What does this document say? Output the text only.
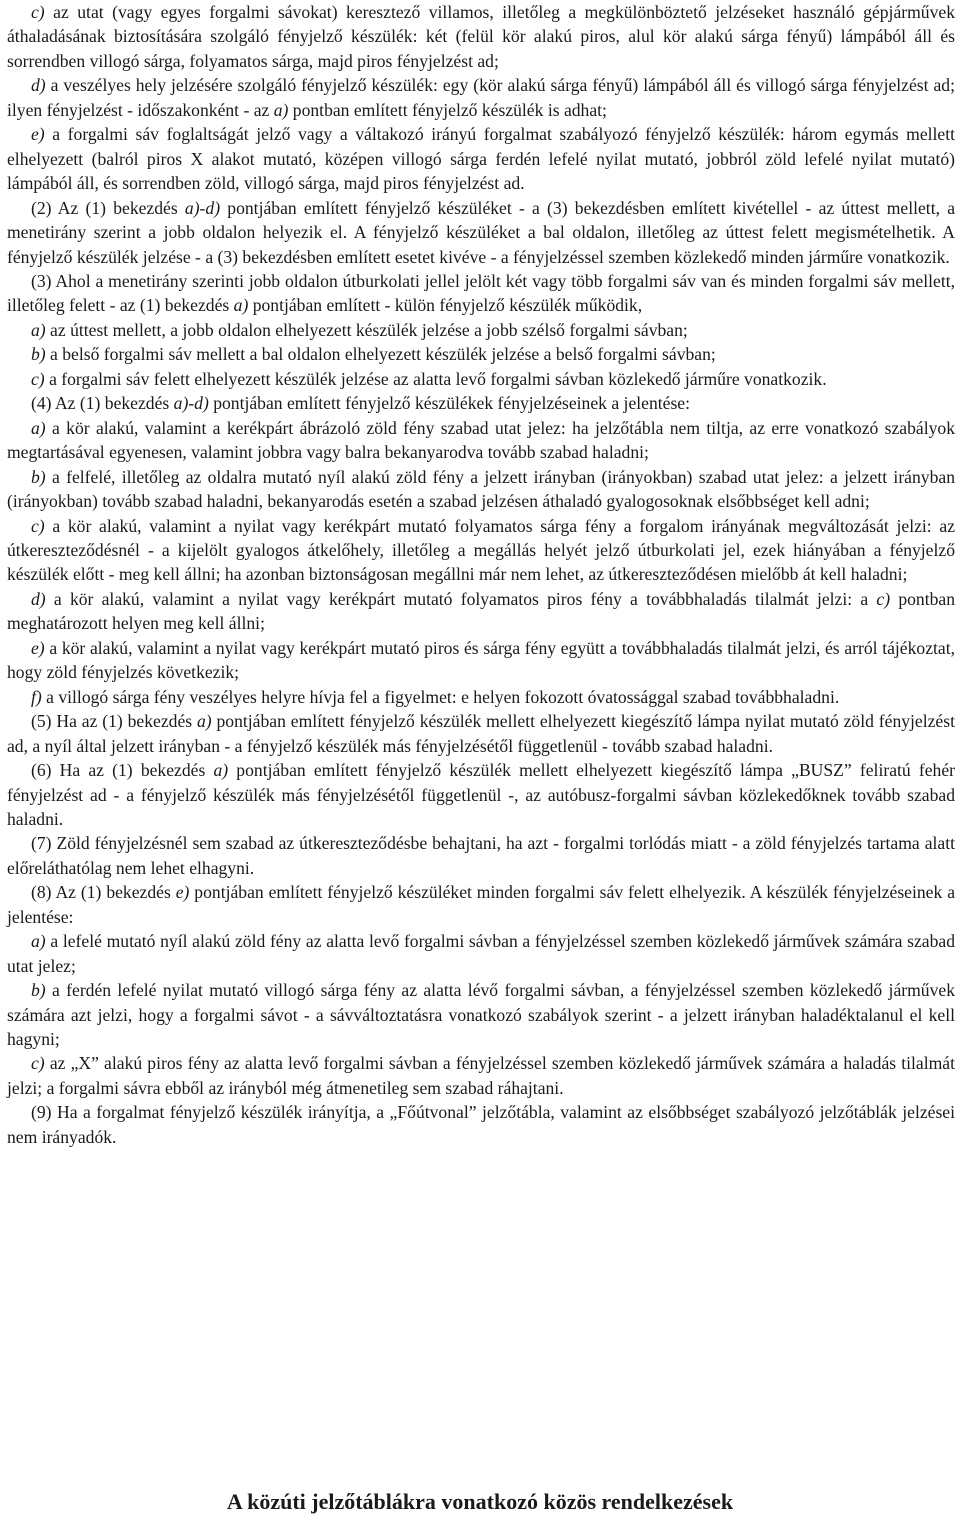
c) az utat (vagy egyes forgalmi sávokat) keresztező villamos, illetőleg a megkülönböztető jelzéseket használó gépjárművek áthaladásának biztosítására szolgáló fényjelző készülék: két (felül kör alakú piros, alul kör alakú sárga fényű) lámpából áll és sorrendben villogó sárga, folyamatos sárga, majd piros fényjelzést ad;

d) a veszélyes hely jelzésére szolgáló fényjelző készülék: egy (kör alakú sárga fényű) lámpából áll és villogó sárga fényjelzést ad; ilyen fényjelzést - időszakonként - az a) pontban említett fényjelző készülék is adhat;

e) a forgalmi sáv foglaltságát jelző vagy a váltakozó irányú forgalmat szabályozó fényjelző készülék: három egymás mellett elhelyezett (balról piros X alakot mutató, középen villogó sárga ferdén lefelé nyilat mutató, jobbról zöld lefelé nyilat mutató) lámpából áll, és sorrendben zöld, villogó sárga, majd piros fényjelzést ad.

(2) Az (1) bekezdés a)-d) pontjában említett fényjelző készüléket - a (3) bekezdésben említett kivétellel - az úttest mellett, a menetirány szerint a jobb oldalon helyezik el. A fényjelző készüléket a bal oldalon, illetőleg az úttest felett megismételhetik. A fényjelző készülék jelzése - a (3) bekezdésben említett esetet kivéve - a fényjelzéssel szemben közlekedő minden járműre vonatkozik.

(3) Ahol a menetirány szerinti jobb oldalon útburkolati jellel jelölt két vagy több forgalmi sáv van és minden forgalmi sáv mellett, illetőleg felett - az (1) bekezdés a) pontjában említett - külön fényjelző készülék működik,

a) az úttest mellett, a jobb oldalon elhelyezett készülék jelzése a jobb szélső forgalmi sávban;

b) a belső forgalmi sáv mellett a bal oldalon elhelyezett készülék jelzése a belső forgalmi sávban;

c) a forgalmi sáv felett elhelyezett készülék jelzése az alatta levő forgalmi sávban közlekedő járműre vonatkozik.

(4) Az (1) bekezdés a)-d) pontjában említett fényjelző készülékek fényjelzéseinek a jelentése:

a) a kör alakú, valamint a kerékpárt ábrázoló zöld fény szabad utat jelez: ha jelzőtábla nem tiltja, az erre vonatkozó szabályok megtartásával egyenesen, valamint jobbra vagy balra bekanyarodva tovább szabad haladni;

b) a felfelé, illetőleg az oldalra mutató nyíl alakú zöld fény a jelzett irányban (irányokban) szabad utat jelez: a jelzett irányban (irányokban) tovább szabad haladni, bekanyarodás esetén a szabad jelzésen áthaladó gyalogosoknak elsőbbséget kell adni;

c) a kör alakú, valamint a nyilat vagy kerékpárt mutató folyamatos sárga fény a forgalom irányának megváltozását jelzi: az útkereszteződésnél - a kijelölt gyalogos átkelőhely, illetőleg a megállás helyét jelző útburkolati jel, ezek hiányában a fényjelző készülék előtt - meg kell állni; ha azonban biztonságosan megállni már nem lehet, az útkereszteződésen mielőbb át kell haladni;

d) a kör alakú, valamint a nyilat vagy kerékpárt mutató folyamatos piros fény a továbbhaladás tilalmát jelzi: a c) pontban meghatározott helyen meg kell állni;

e) a kör alakú, valamint a nyilat vagy kerékpárt mutató piros és sárga fény együtt a továbbhaladás tilalmát jelzi, és arról tájékoztat, hogy zöld fényjelzés következik;

f) a villogó sárga fény veszélyes helyre hívja fel a figyelmet: e helyen fokozott óvatossággal szabad továbbhaladni.

(5) Ha az (1) bekezdés a) pontjában említett fényjelző készülék mellett elhelyezett kiegészítő lámpa nyilat mutató zöld fényjelzést ad, a nyíl által jelzett irányban - a fényjelző készülék más fényjelzésétől függetlenül - tovább szabad haladni.

(6) Ha az (1) bekezdés a) pontjában említett fényjelző készülék mellett elhelyezett kiegészítő lámpa „BUSZ” feliratú fehér fényjelzést ad - a fényjelző készülék más fényjelzésétől függetlenül -, az autóbusz-forgalmi sávban közlekedőknek tovább szabad haladni.

(7) Zöld fényjelzésnél sem szabad az útkereszteződésbe behajtani, ha azt - forgalmi torlódás miatt - a zöld fényjelzés tartama alatt előreláthatólag nem lehet elhagyni.

(8) Az (1) bekezdés e) pontjában említett fényjelző készüléket minden forgalmi sáv felett elhelyezik. A készülék fényjelzéseinek a jelentése:

a) a lefelé mutató nyíl alakú zöld fény az alatta levő forgalmi sávban a fényjelzéssel szemben közlekedő járművek számára szabad utat jelez;

b) a ferdén lefelé nyilat mutató villogó sárga fény az alatta lévő forgalmi sávban, a fényjelzéssel szemben közlekedő járművek számára azt jelzi, hogy a forgalmi sávot - a sávváltoztatásra vonatkozó szabályok szerint - a jelzett irányban haladéktalanul el kell hagyni;

c) az „X” alakú piros fény az alatta levő forgalmi sávban a fényjelzéssel szemben közlekedő járművek számára a haladás tilalmát jelzi; a forgalmi sávra ebből az irányból még átmenetileg sem szabad ráhajtani.

(9) Ha a forgalmat fényjelző készülék irányítja, a „Főútvonal” jelzőtábla, valamint az elsőbbséget szabályozó jelzőtáblák jelzései nem irányadók.

A közúti jelzőtáblákra vonatkozó közös rendelkezések
